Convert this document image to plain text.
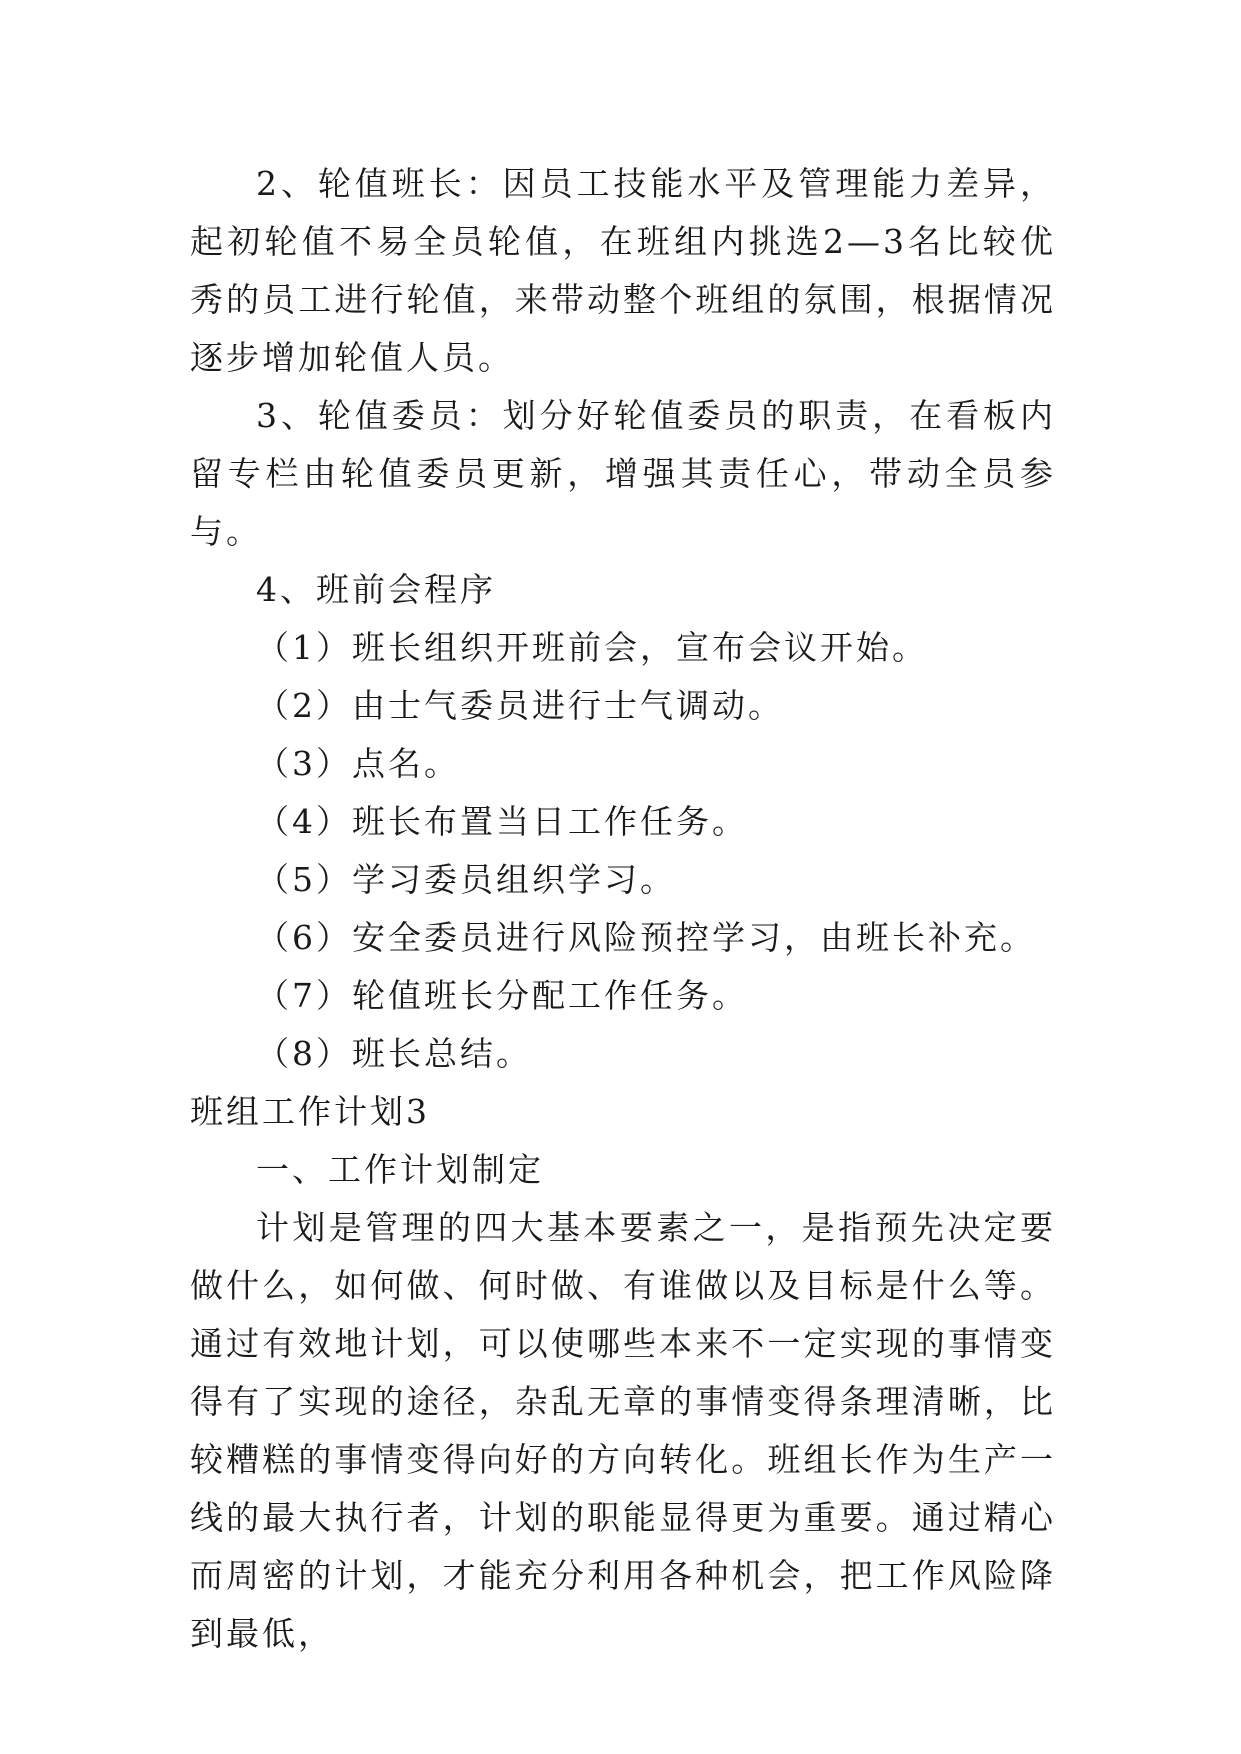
2、轮值班长：因员工技能水平及管理能力差异，起初轮值不易全员轮值，在班组内挑选2—3名比较优秀的员工进行轮值，来带动整个班组的氛围，根据情况逐步增加轮值人员。

3、轮值委员：划分好轮值委员的职责，在看板内留专栏由轮值委员更新，增强其责任心，带动全员参与。

4、班前会程序

（1）班长组织开班前会，宣布会议开始。

（2）由士气委员进行士气调动。

（3）点名。

（4）班长布置当日工作任务。

（5）学习委员组织学习。

（6）安全委员进行风险预控学习，由班长补充。

（7）轮值班长分配工作任务。

（8）班长总结。

班组工作计划3

一、工作计划制定

计划是管理的四大基本要素之一，是指预先决定要做什么，如何做、何时做、有谁做以及目标是什么等。通过有效地计划，可以使哪些本来不一定实现的事情变得有了实现的途径，杂乱无章的事情变得条理清晰，比较糟糕的事情变得向好的方向转化。班组长作为生产一线的最大执行者，计划的职能显得更为重要。通过精心而周密的计划，才能充分利用各种机会，把工作风险降到最低，
